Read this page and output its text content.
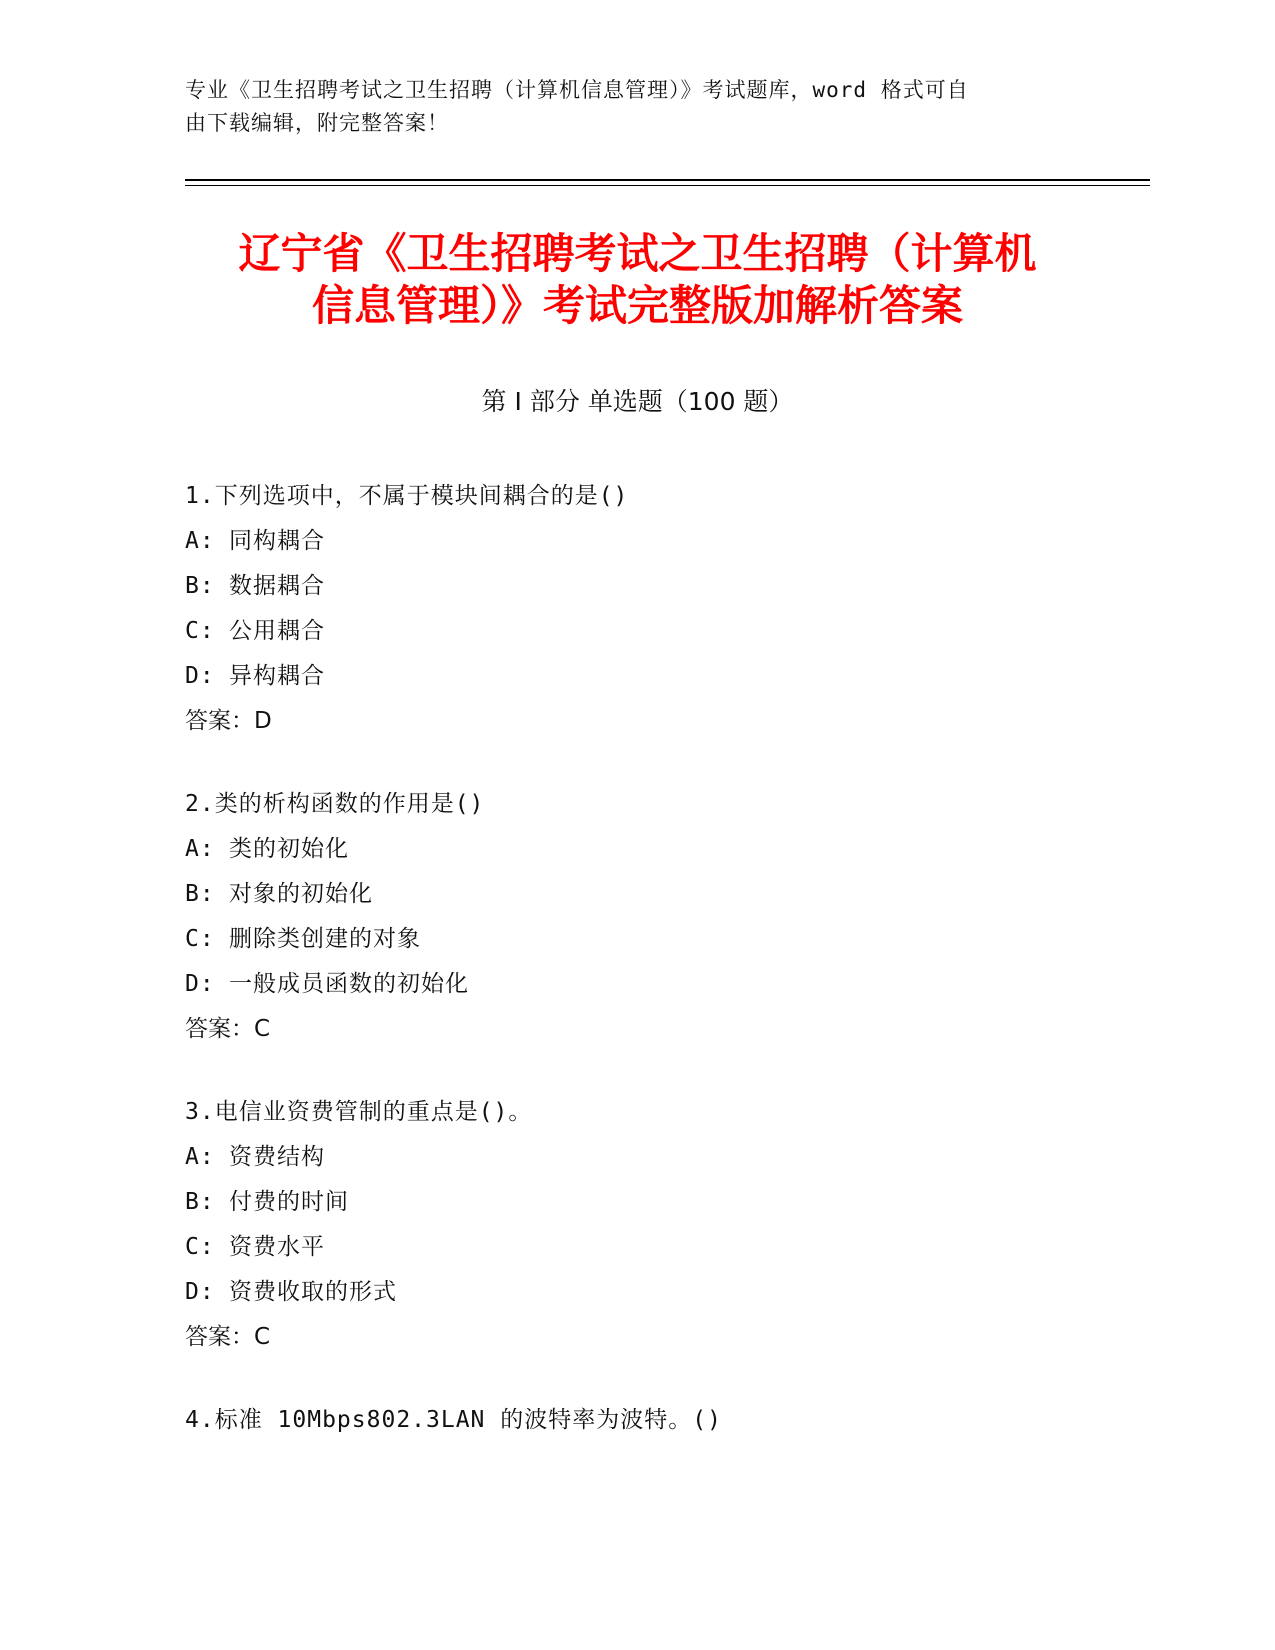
专业《卫生招聘考试之卫生招聘（计算机信息管理）》考试题库，word 格式可自
由下载编辑，附完整答案！
辽宁省《卫生招聘考试之卫生招聘（计算机
信息管理）》考试完整版加解析答案
第 I 部分 单选题（100 题）
1.下列选项中，不属于模块间耦合的是()
A: 同构耦合
B: 数据耦合
C: 公用耦合
D: 异构耦合
答案：D
2.类的析构函数的作用是()
A: 类的初始化
B: 对象的初始化
C: 删除类创建的对象
D: 一般成员函数的初始化
答案：C
3.电信业资费管制的重点是()。
A: 资费结构
B: 付费的时间
C: 资费水平
D: 资费收取的形式
答案：C
4.标准 10Mbps802.3LAN 的波特率为波特。()
